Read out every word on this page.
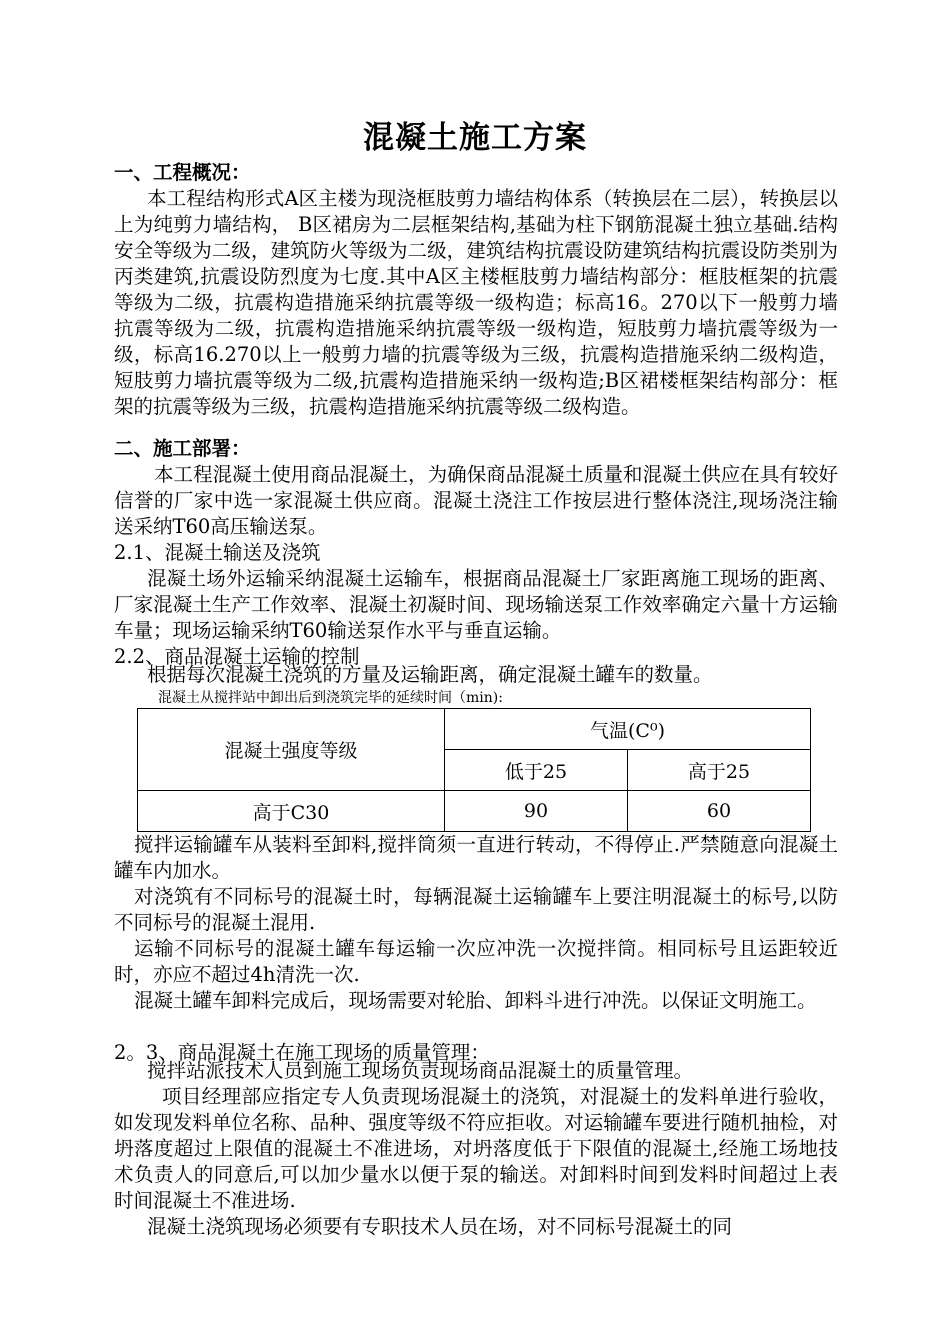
混凝土施工方案
一、工程概况：
本工程结构形式A区主楼为现浇框肢剪力墙结构体系（转换层在二层），转换层以上为纯剪力墙结构， B区裙房为二层框架结构,基础为柱下钢筋混凝土独立基础.结构安全等级为二级，建筑防火等级为二级，建筑结构抗震设防建筑结构抗震设防类别为丙类建筑,抗震设防烈度为七度.其中A区主楼框肢剪力墙结构部分：框肢框架的抗震等级为二级，抗震构造措施采纳抗震等级一级构造；标高16。270以下一般剪力墙抗震等级为二级，抗震构造措施采纳抗震等级一级构造，短肢剪力墙抗震等级为一级，标高16.270以上一般剪力墙的抗震等级为三级，抗震构造措施采纳二级构造，短肢剪力墙抗震等级为二级,抗震构造措施采纳一级构造;B区裙楼框架结构部分：框架的抗震等级为三级，抗震构造措施采纳抗震等级二级构造。
二、施工部署：
本工程混凝土使用商品混凝土，为确保商品混凝土质量和混凝土供应在具有较好信誉的厂家中选一家混凝土供应商。混凝土浇注工作按层进行整体浇注,现场浇注输送采纳T60高压输送泵。
2.1、混凝土输送及浇筑
混凝土场外运输采纳混凝土运输车，根据商品混凝土厂家距离施工现场的距离、厂家混凝土生产工作效率、混凝土初凝时间、现场输送泵工作效率确定六量十方运输车量；现场运输采纳T60输送泵作水平与垂直运输。
2.2、商品混凝土运输的控制
根据每次混凝土浇筑的方量及运输距离，确定混凝土罐车的数量。
混凝土从搅拌站中卸出后到浇筑完毕的延续时间（min):
混凝土强度等级	气温(C⁰)	
	低于25	高于25
高于C30	90	60
搅拌运输罐车从装料至卸料,搅拌筒须一直进行转动，不得停止.严禁随意向混凝土罐车内加水。
对浇筑有不同标号的混凝土时，每辆混凝土运输罐车上要注明混凝土的标号,以防不同标号的混凝土混用.
运输不同标号的混凝土罐车每运输一次应冲洗一次搅拌筒。相同标号且运距较近时，亦应不超过4h清洗一次.
混凝土罐车卸料完成后，现场需要对轮胎、卸料斗进行冲洗。以保证文明施工。
2。3、商品混凝土在施工现场的质量管理：
搅拌站派技术人员到施工现场负责现场商品混凝土的质量管理。
项目经理部应指定专人负责现场混凝土的浇筑，对混凝土的发料单进行验收，如发现发料单位名称、品种、强度等级不符应拒收。对运输罐车要进行随机抽检，对坍落度超过上限值的混凝土不准进场，对坍落度低于下限值的混凝土,经施工场地技术负责人的同意后,可以加少量水以便于泵的输送。对卸料时间到发料时间超过上表时间混凝土不准进场.
混凝土浇筑现场必须要有专职技术人员在场，对不同标号混凝土的同
